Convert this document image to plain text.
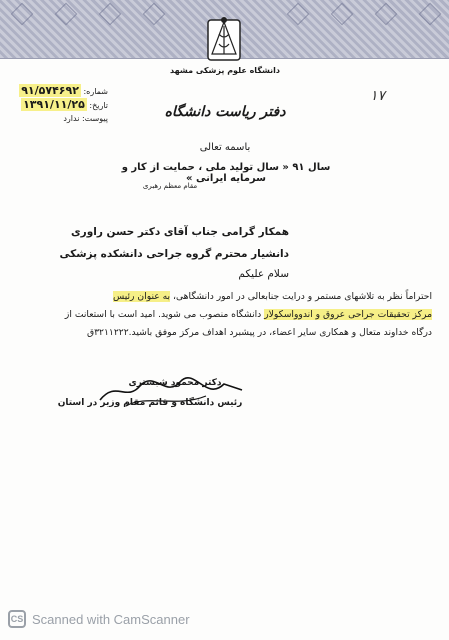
دانشگاه علوم پزشکی مشهد
دفتر ریاست دانشگاه
شماره: ۹۱/۵۷۴۶۹۲
تاریخ: ۱۳۹۱/۱۱/۲۵
پیوست: ندارد
۱۷
باسمه تعالی
سال ۹۱ « سال تولید ملی ، حمایت از کار و سرمایه ایرانی »
مقام معظم رهبری
همکار گرامی جناب آقای دکتر حسن راوری
دانشیار محترم گروه جراحی دانشکده پزشکی
سلام علیکم
احتراماً نظر به تلاشهای مستمر و درایت جنابعالی در امور دانشگاهی، به عنوان رئیس
مرکز تحقیقات جراحی عروق و اندوواسکولار دانشگاه منصوب می شوید. امید است با استعانت از
درگاه خداوند متعال و همکاری سایر اعضاء، در پیشبرد اهداف مرکز موفق باشید.۳۲۱۱۲۲۲ق
دکتر محمود شبستری
رئیس دانشگاه و قائم مقام وزیر در استان
CS Scanned with CamScanner
